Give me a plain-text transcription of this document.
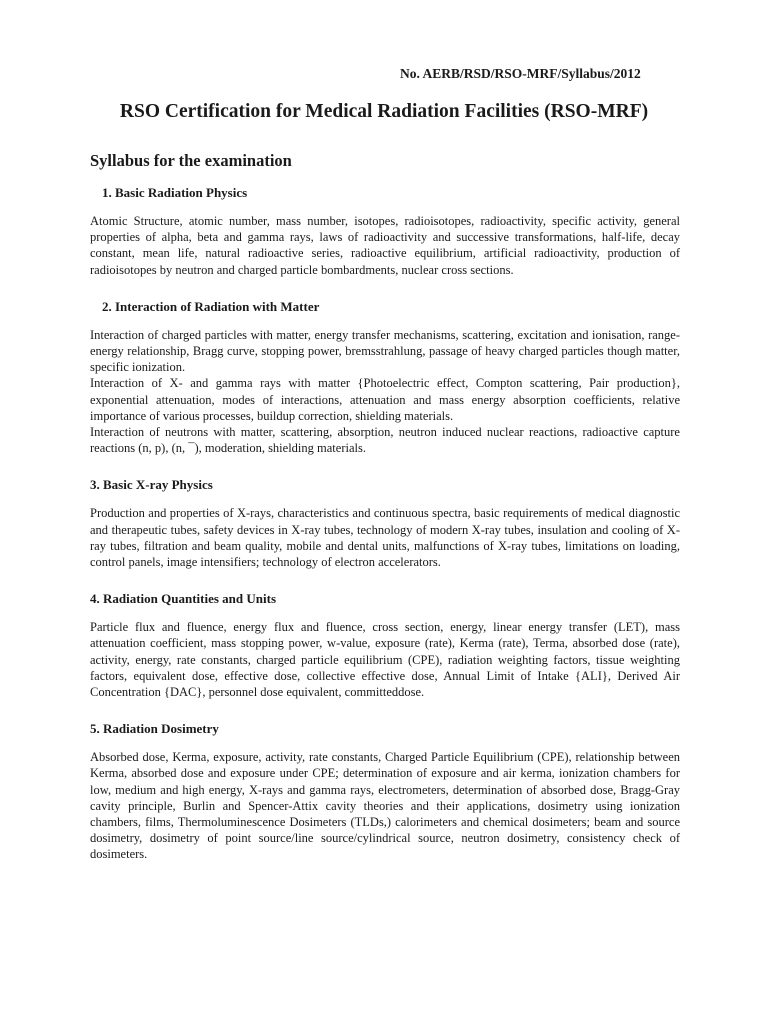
No. AERB/RSD/RSO-MRF/Syllabus/2012
RSO Certification for Medical Radiation Facilities (RSO-MRF)
Syllabus for the examination
1. Basic Radiation Physics

Atomic Structure, atomic number, mass number, isotopes, radioisotopes, radioactivity, specific activity, general properties of alpha, beta and gamma rays, laws of radioactivity and successive transformations, half-life, decay constant, mean life, natural radioactive series, radioactive equilibrium, artificial radioactivity, production of radioisotopes by neutron and charged particle bombardments, nuclear cross sections.

2. Interaction of Radiation with Matter

Interaction of charged particles with matter, energy transfer mechanisms, scattering, excitation and ionisation, range-energy relationship, Bragg curve, stopping power, bremsstrahlung, passage of heavy charged particles though matter, specific ionization.

Interaction of X- and gamma rays with matter {Photoelectric effect, Compton scattering, Pair production}, exponential attenuation, modes of interactions, attenuation and mass energy absorption coefficients, relative importance of various processes, buildup correction, shielding materials.

Interaction of neutrons with matter, scattering, absorption, neutron induced nuclear reactions, radioactive capture reactions (n, p), (n, ¯), moderation, shielding materials.

3. Basic X-ray Physics

Production and properties of X-rays, characteristics and continuous spectra, basic requirements of medical diagnostic and therapeutic tubes, safety devices in X-ray tubes, technology of modern X-ray tubes, insulation and cooling of X-ray tubes, filtration and beam quality, mobile and dental units, malfunctions of X-ray tubes, limitations on loading, control panels, image intensifiers; technology of electron accelerators.

4. Radiation Quantities and Units

Particle flux and fluence, energy flux and fluence, cross section, energy, linear energy transfer (LET), mass attenuation coefficient, mass stopping power, w-value, exposure (rate), Kerma (rate), Terma, absorbed dose (rate), activity, energy, rate constants, charged particle equilibrium (CPE), radiation weighting factors, tissue weighting factors, equivalent dose, effective dose, collective effective dose, Annual Limit of Intake {ALI}, Derived Air Concentration {DAC}, personnel dose equivalent, committeddose.

5. Radiation Dosimetry

Absorbed dose, Kerma, exposure, activity, rate constants, Charged Particle Equilibrium (CPE), relationship between Kerma, absorbed dose and exposure under CPE; determination of exposure and air kerma, ionization chambers for low, medium and high energy, X-rays and gamma rays, electrometers, determination of absorbed dose, Bragg-Gray cavity principle, Burlin and Spencer-Attix cavity theories and their applications, dosimetry using ionization chambers, films, Thermoluminescence Dosimeters (TLDs,) calorimeters and chemical dosimeters; beam and source dosimetry, dosimetry of point source/line source/cylindrical source, neutron dosimetry, consistency check of dosimeters.
